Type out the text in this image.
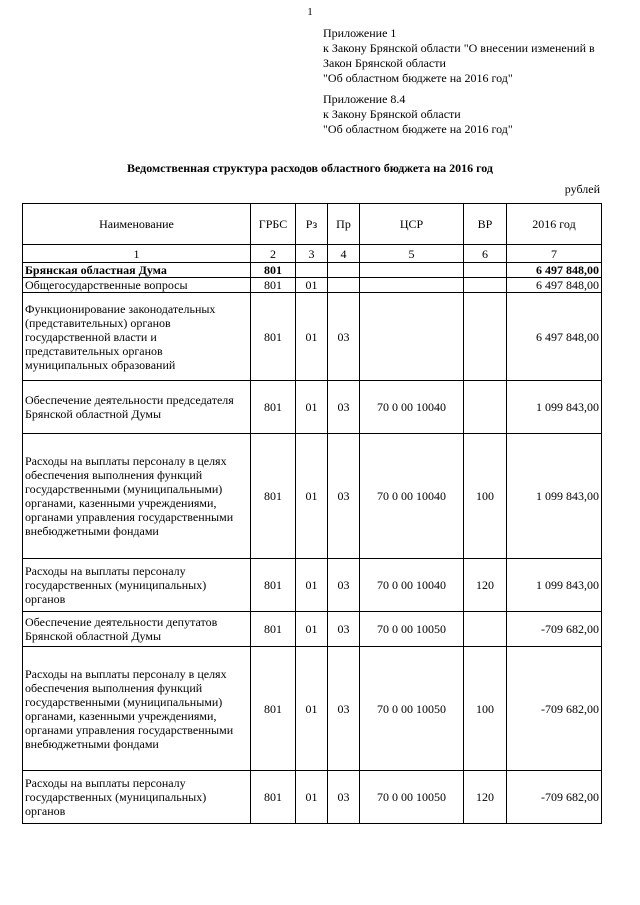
1
Приложение 1
к Закону Брянской области "О внесении изменений в
Закон Брянской области
"Об областном бюджете на 2016 год"
Приложение 8.4
к Закону Брянской области
"Об областном бюджете на 2016 год"
Ведомственная структура расходов областного бюджета на 2016 год
рублей
Наименование	ГРБС	Рз	Пр	ЦСР	ВР	2016 год
1	2	3	4	5	6	7
Брянская областная Дума	801					6 497 848,00
Общегосударственные вопросы	801	01				6 497 848,00
Функционирование законодательных (представительных) органов государственной власти и представительных органов муниципальных образований	801	01	03			6 497 848,00
Обеспечение деятельности председателя Брянской областной Думы	801	01	03	70 0 00 10040		1 099 843,00
Расходы на выплаты персоналу в целях обеспечения выполнения функций государственными (муниципальными) органами, казенными учреждениями, органами управления государственными внебюджетными фондами	801	01	03	70 0 00 10040	100	1 099 843,00
Расходы на выплаты персоналу государственных (муниципальных) органов	801	01	03	70 0 00 10040	120	1 099 843,00
Обеспечение деятельности депутатов Брянской областной Думы	801	01	03	70 0 00 10050		-709 682,00
Расходы на выплаты персоналу в целях обеспечения выполнения функций государственными (муниципальными) органами, казенными учреждениями, органами управления государственными внебюджетными фондами	801	01	03	70 0 00 10050	100	-709 682,00
Расходы на выплаты персоналу государственных (муниципальных) органов	801	01	03	70 0 00 10050	120	-709 682,00
